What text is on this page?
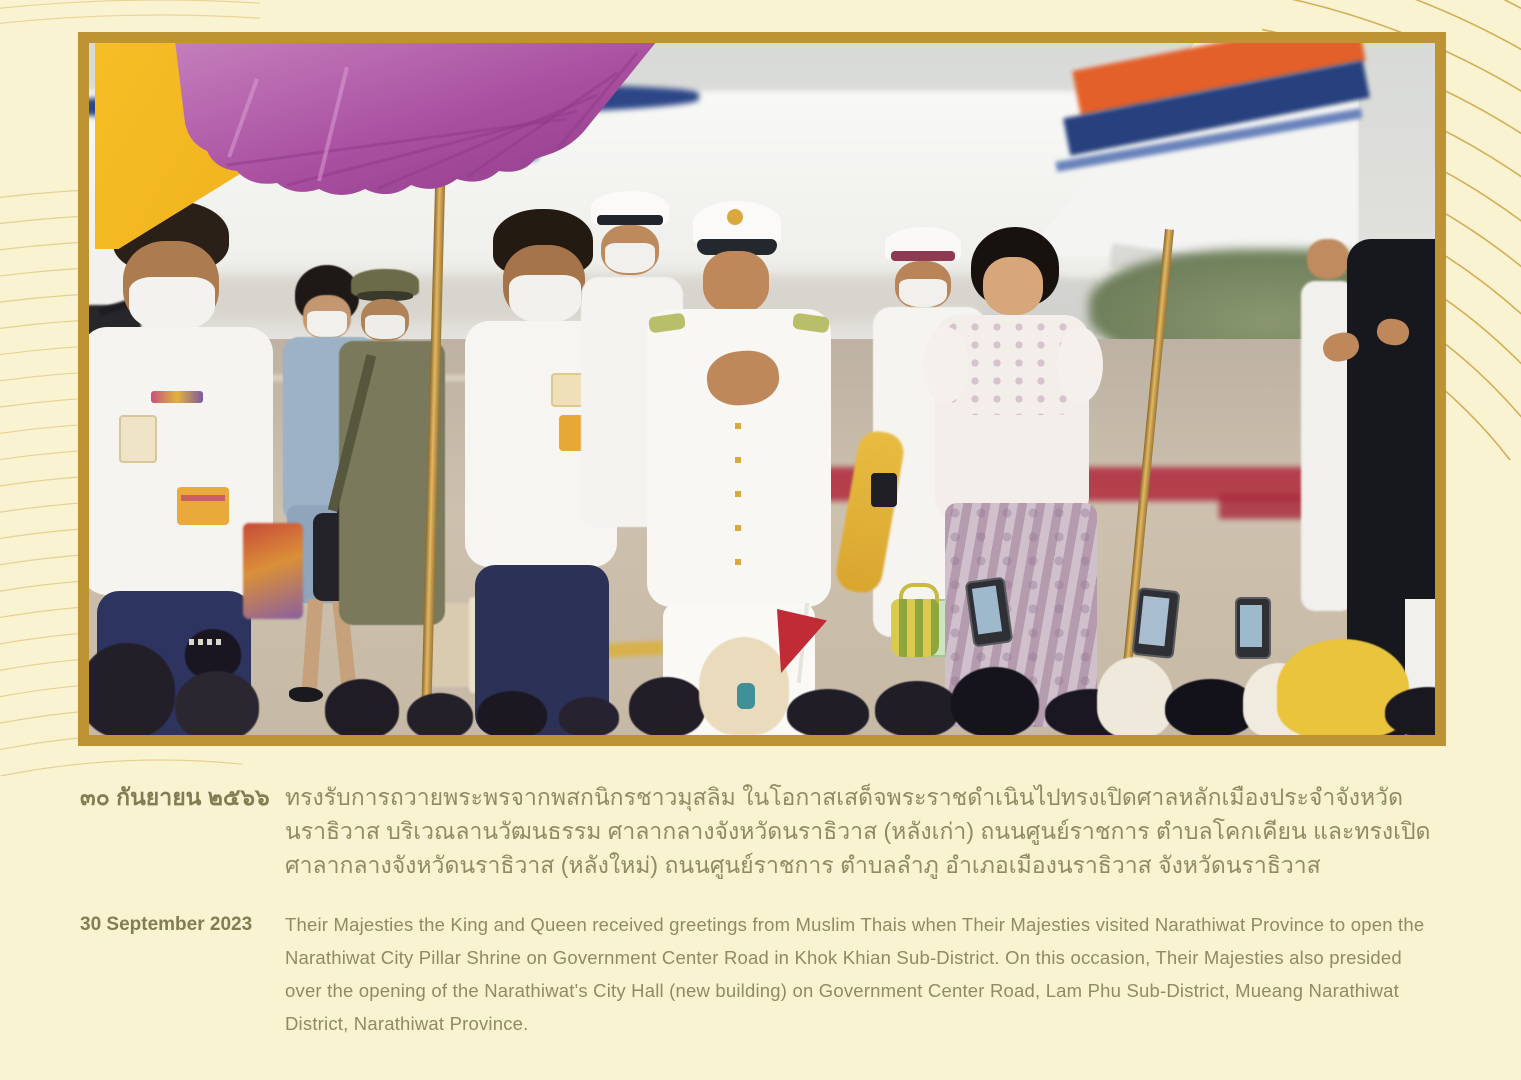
๓๐ กันยายน ๒๕๖๖ ทรงรับการถวายพระพรจากพสกนิกรชาวมุสลิม ในโอกาสเสด็จพระราชดำเนินไปทรงเปิดศาลหลักเมืองประจำจังหวัดนราธิวาส บริเวณลานวัฒนธรรม ศาลากลางจังหวัดนราธิวาส (หลังเก่า) ถนนศูนย์ราชการ ตำบลโคกเคียน และทรงเปิดศาลากลางจังหวัดนราธิวาส (หลังใหม่) ถนนศูนย์ราชการ ตำบลลำภู อำเภอเมืองนราธิวาส จังหวัดนราธิวาส

30 September 2023	Their Majesties the King and Queen received greetings from Muslim Thais when Their Majesties visited Narathiwat Province to open the Narathiwat City Pillar Shrine on Government Center Road in Khok Khian Sub-District. On this occasion, Their Majesties also presided over the opening of the Narathiwat's City Hall (new building) on Government Center Road, Lam Phu Sub-District, Mueang Narathiwat District, Narathiwat Province.
